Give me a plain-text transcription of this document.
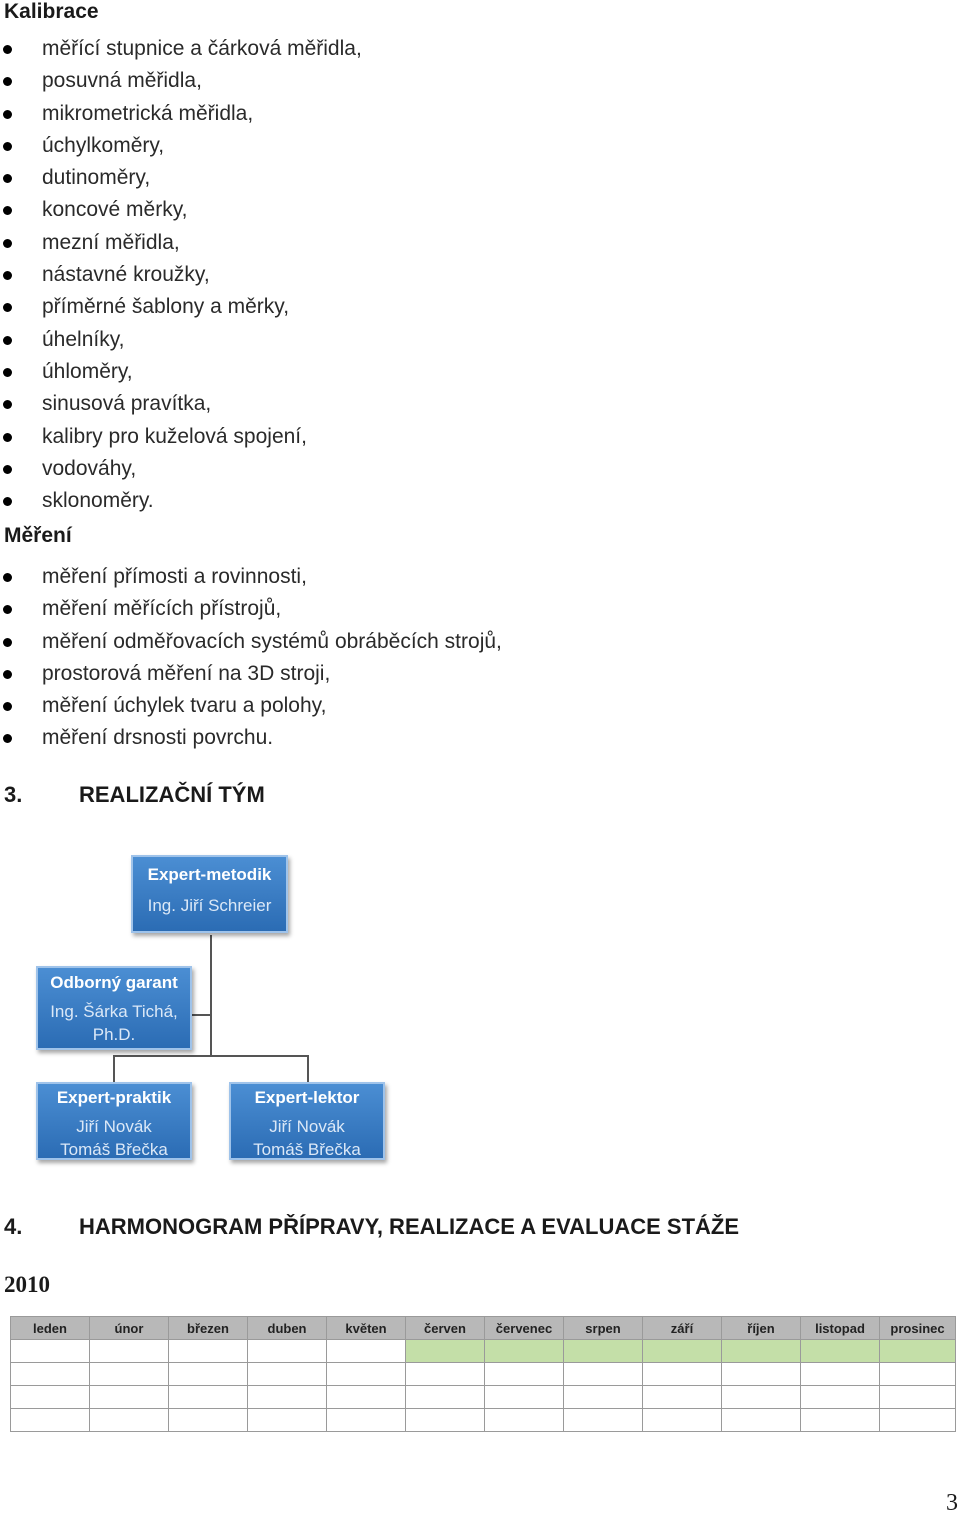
Kalibrace
měřící stupnice a čárková měřidla,
posuvná měřidla,
mikrometrická měřidla,
úchylkoměry,
dutinoměry,
koncové měrky,
mezní měřidla,
nástavné kroužky,
příměrné šablony a měrky,
úhelníky,
úhloměry,
sinusová pravítka,
kalibry pro kuželová spojení,
vodováhy,
sklonoměry.
Měření
měření přímosti a rovinnosti,
měření měřících přístrojů,
měření odměřovacích systémů obráběcích strojů,
prostorová měření na 3D stroji,
měření úchylek tvaru a polohy,
měření drsnosti povrchu.
3.	REALIZAČNÍ TÝM
Expert-metodik
Ing. Jiří Schreier
Odborný garant
Ing. Šárka Tichá,
Ph.D.
Expert-praktik
Jiří Novák
Tomáš Břečka
Expert-lektor
Jiří Novák
Tomáš Břečka
4.	HARMONOGRAM PŘÍPRAVY, REALIZACE A EVALUACE STÁŽE
2010
leden	únor	březen	duben	květen	červen	červenec	srpen	září	říjen	listopad	prosinec

3
